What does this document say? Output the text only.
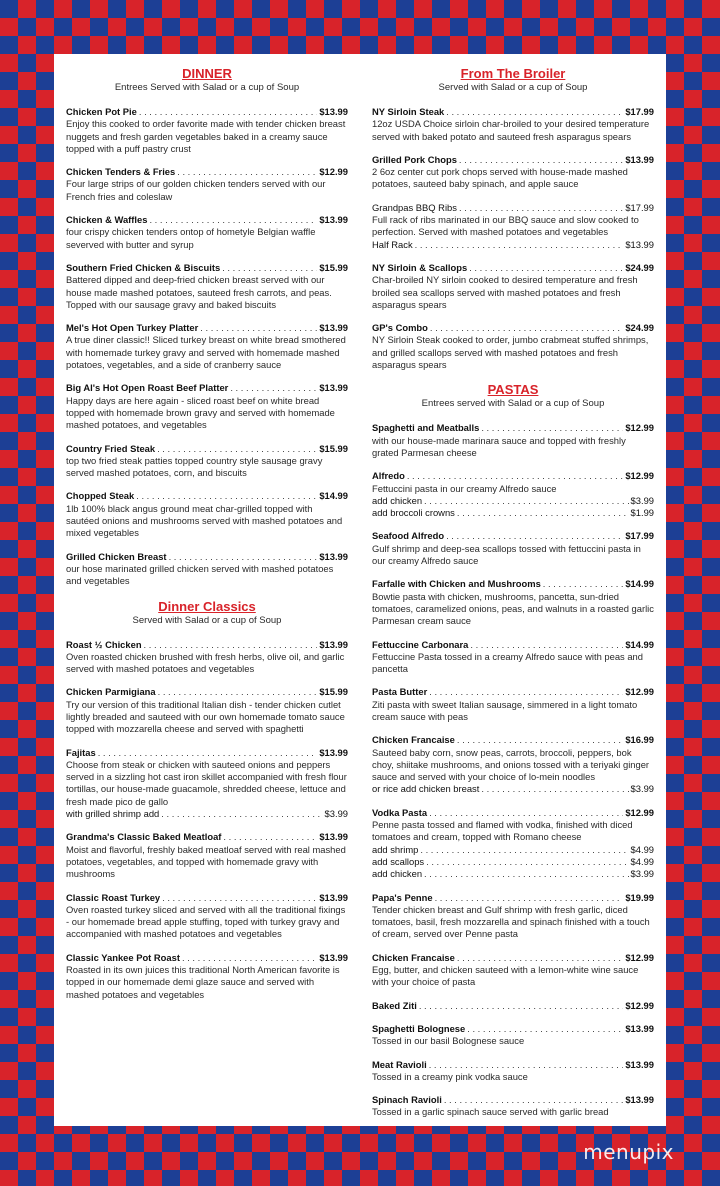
DINNER
Entrees Served with Salad or a cup of Soup
Chicken Pot Pie . . .	$13.99
Enjoy this cooked to order favorite made with tender chicken breast nuggets and fresh garden vegetables baked in a creamy sauce topped with a puff pastry crust
Chicken Tenders & Fries . . .	$12.99
Four large strips of our golden chicken tenders served with our French fries and coleslaw
Chicken & Waffles . . .	$13.99
four crispy chicken tenders ontop of hometyle Belgian waffle severved with butter and syrup
Southern Fried Chicken & Biscuits . . .	$15.99
Battered dipped and deep-fried chicken breast served with our house made mashed potatoes, sauteed fresh carrots, and peas. Topped with our sausage gravy and baked biscuits
Mel's Hot Open Turkey Platter . . .	$13.99
A true diner classic!! Sliced turkey breast on white bread smothered with homemade turkey gravy and served with homemade mashed potatoes, vegetables, and a side of cranberry sauce
Big Al's Hot Open Roast Beef Platter . . .	$13.99
Happy days are here again - sliced roast beef on white bread topped with homemade brown gravy and served with homemade mashed potatoes, and vegetables
Country Fried Steak . . .	$15.99
top two fried steak patties topped country style sausage gravy served mashed potatoes, corn, and biscuits
Chopped Steak . . .	$14.99
1lb 100% black angus ground meat char-grilled topped with sautéed onions and mushrooms served with mashed potatoes and mixed vegetables
Grilled Chicken Breast . . .	$13.99
our hose marinated grilled chicken served with mashed potatoes and vegetables
Dinner Classics
Served with Salad or a cup of Soup
Roast ½ Chicken . . .	$13.99
Oven roasted chicken brushed with fresh herbs, olive oil, and garlic served with mashed potatoes and vegetables
Chicken Parmigiana . . .	$15.99
Try our version of this traditional Italian dish - tender chicken cutlet lightly breaded and sauteed with our own homemade tomato sauce topped with mozzarella cheese and served with spaghetti
Fajitas . . .	$13.99
Choose from steak or chicken with sauteed onions and peppers served in a sizzling hot cast iron skillet accompanied with fresh flour tortillas, our house-made guacamole, shredded cheese, lettuce and fresh made pico de gallo
with grilled shrimp add . . .	$3.99
Grandma's Classic Baked Meatloaf . . .	$13.99
Moist and flavorful, freshly baked meatloaf served with real mashed potatoes, vegetables, and topped with homemade gravy with mushrooms
Classic Roast Turkey . . .	$13.99
Oven roasted turkey sliced and served with all the traditional fixings - our homemade bread apple stuffing, toped with turkey gravy and accompanied with mashed potatoes and vegetables
Classic Yankee Pot Roast . . .	$13.99
Roasted in its own juices this traditional North American favorite is topped in our homemade demi glaze sauce and served with mashed potatoes and vegetables
From The Broiler
Served with Salad or a cup of Soup
NY Sirloin Steak . . .	$17.99
12oz USDA Choice sirloin char-broiled to your desired temperature served with baked potato and sauteed fresh asparagus spears
Grilled Pork Chops . . .	$13.99
2 6oz center cut pork chops served with house-made mashed potatoes, sauteed baby spinach, and apple sauce
Grandpas BBQ Ribs . . .	$17.99
Full rack of ribs marinated in our BBQ sauce and slow cooked to perfection. Served with mashed potatoes and vegetables
Half Rack . . .	$13.99
NY Sirloin & Scallops . . .	$24.99
Char-broiled NY sirloin cooked to desired temperature and fresh broiled sea scallops served with mashed potatoes and fresh asparagus spears
GP's Combo . . .	$24.99
NY Sirloin Steak cooked to order, jumbo crabmeat stuffed shrimps, and grilled scallops served with mashed potatoes and fresh asparagus spears
PASTAS
Entrees served with Salad or a cup of Soup
Spaghetti and Meatballs . . .	$12.99
with our house-made marinara sauce and topped with freshly grated Parmesan cheese
Alfredo . . .	$12.99
Fettuccini pasta in our creamy Alfredo sauce
add chicken . . .	$3.99
add broccoli crowns . . .	$1.99
Seafood Alfredo . . .	$17.99
Gulf shrimp and deep-sea scallops tossed with fettuccini pasta in our creamy Alfredo sauce
Farfalle with Chicken and Mushrooms . . .	$14.99
Bowtie pasta with chicken, mushrooms, pancetta, sun-dried tomatoes, caramelized onions, peas, and walnuts in a roasted garlic Parmesan cream sauce
Fettuccine Carbonara . . .	$14.99
Fettuccine Pasta tossed in a creamy Alfredo sauce with peas and pancetta
Pasta Butter . . .	$12.99
Ziti pasta with sweet Italian sausage, simmered in a light tomato cream sauce with peas
Chicken Francaise . . .	$16.99
Sauteed baby corn, snow peas, carrots, broccoli, peppers, bok choy, shiitake mushrooms, and onions tossed with a teriyaki ginger sauce and served with your choice of lo-mein noodles
or rice add chicken breast . . .	$3.99
Vodka Pasta . . .	$12.99
Penne pasta tossed and flamed with vodka, finished with diced tomatoes and cream, topped with Romano cheese
add shrimp . . .	$4.99
add scallops . . .	$4.99
add chicken . . .	$3.99
Papa's Penne . . .	$19.99
Tender chicken breast and Gulf shrimp with fresh garlic, diced tomatoes, basil, fresh mozzarella and spinach finished with a touch of cream, served over Penne pasta
Chicken Francaise . . .	$12.99
Egg, butter, and chicken sauteed with a lemon-white wine sauce with your choice of pasta
Baked Ziti . . .	$12.99
Spaghetti Bolognese . . .	$13.99
Tossed in our basil Bolognese sauce
Meat Ravioli . . .	$13.99
Tossed in a creamy pink vodka sauce
Spinach Ravioli . . .	$13.99
Tossed in a garlic spinach sauce served with garlic bread
menupix
